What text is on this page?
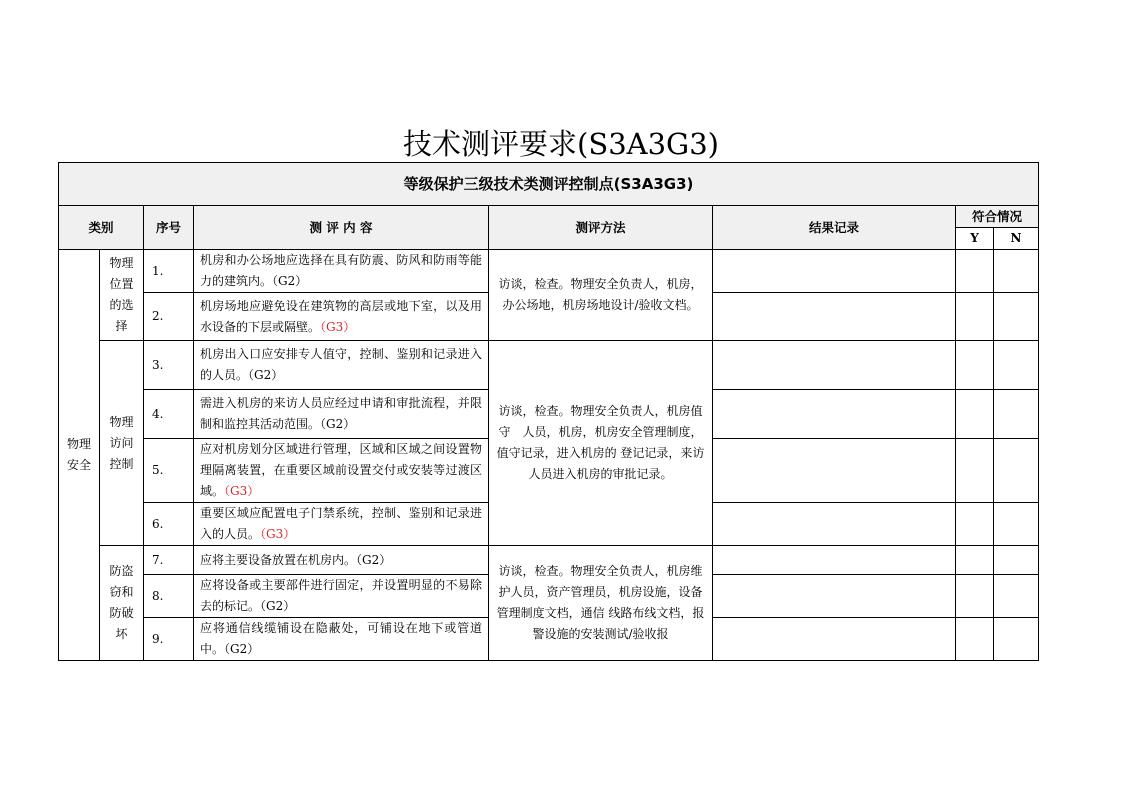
技术测评要求(S3A3G3)
等级保护三级技术类测评控制点(S3A3G3)							
类别		序号	测 评 内 容	测评方法	结果记录	符合情况	
						Y	N
物理安全	物理位置的选择	1.	机房和办公场地应选择在具有防震、防风和防雨等能力的建筑内。（G2）	访谈，检查。物理安全负责人，机房，办公场地，机房场地设计/验收文档。			
		2.	机房场地应避免设在建筑物的高层或地下室，以及用水设备的下层或隔壁。（G3）				
	物理访问控制	3.	机房出入口应安排专人值守，控制、鉴别和记录进入的人员。（G2）	访谈，检查。物理安全负责人，机房值守　人员，机房，机房安全管理制度，值守记录，进入机房的 登记记录，来访人员进入机房的审批记录。			
		4.	需进入机房的来访人员应经过申请和审批流程，并限制和监控其活动范围。（G2）				
		5.	应对机房划分区域进行管理，区域和区域之间设置物理隔离装置，在重要区域前设置交付或安装等过渡区域。（G3）				
		6.	重要区域应配置电子门禁系统，控制、鉴别和记录进入的人员。（G3）				
	防盗窃和防破坏	7.	应将主要设备放置在机房内。（G2）	访谈，检查。物理安全负责人，机房维护人员，资产管理员，机房设施，设备管理制度文档，通信 线路布线文档，报警设施的安装测试/验收报			
		8.	应将设备或主要部件进行固定，并设置明显的不易除去的标记。（G2）				
		9.	应将通信线缆铺设在隐蔽处，可铺设在地下或管道中。（G2）				
